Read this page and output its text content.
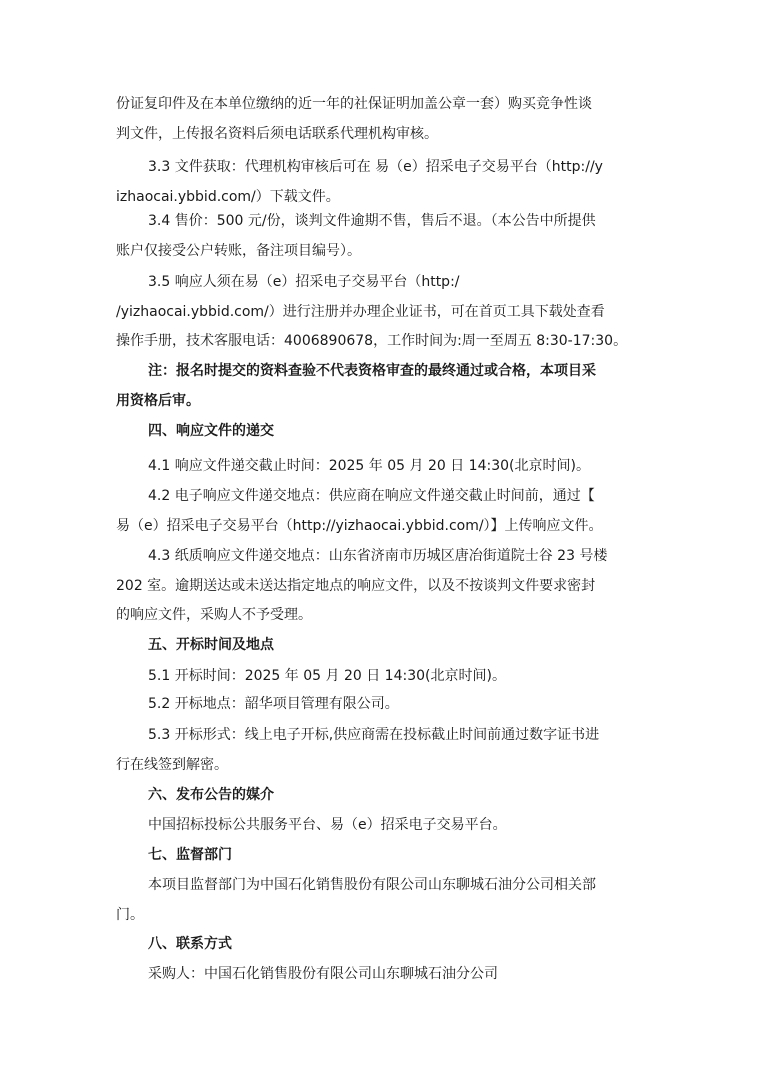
份证复印件及在本单位缴纳的近一年的社保证明加盖公章一套）购买竞争性谈
判文件，上传报名资料后须电话联系代理机构审核。
3.3 文件获取：代理机构审核后可在 易（e）招采电子交易平台（http://y
izhaocai.ybbid.com/）下载文件。
3.4 售价：500 元/份，谈判文件逾期不售，售后不退。（本公告中所提供
账户仅接受公户转账，备注项目编号）。
3.5 响应人须在易（e）招采电子交易平台（http:/
/yizhaocai.ybbid.com/）进行注册并办理企业证书，可在首页工具下载处查看
操作手册，技术客服电话：4006890678，工作时间为:周一至周五 8:30-17:30。
注：报名时提交的资料查验不代表资格审查的最终通过或合格，本项目采
用资格后审。
四、响应文件的递交
4.1 响应文件递交截止时间：2025 年 05 月 20 日 14:30(北京时间)。
4.2 电子响应文件递交地点：供应商在响应文件递交截止时间前，通过【
易（e）招采电子交易平台（http://yizhaocai.ybbid.com/）】上传响应文件。
4.3 纸质响应文件递交地点：山东省济南市历城区唐冶街道院士谷 23 号楼
202 室。逾期送达或未送达指定地点的响应文件，以及不按谈判文件要求密封
的响应文件，采购人不予受理。
五、开标时间及地点
5.1 开标时间：2025 年 05 月 20 日 14:30(北京时间)。
5.2 开标地点：韶华项目管理有限公司。
5.3 开标形式：线上电子开标,供应商需在投标截止时间前通过数字证书进
行在线签到解密。
六、发布公告的媒介
中国招标投标公共服务平台、易（e）招采电子交易平台。
七、监督部门
本项目监督部门为中国石化销售股份有限公司山东聊城石油分公司相关部
门。
八、联系方式
采购人：中国石化销售股份有限公司山东聊城石油分公司
